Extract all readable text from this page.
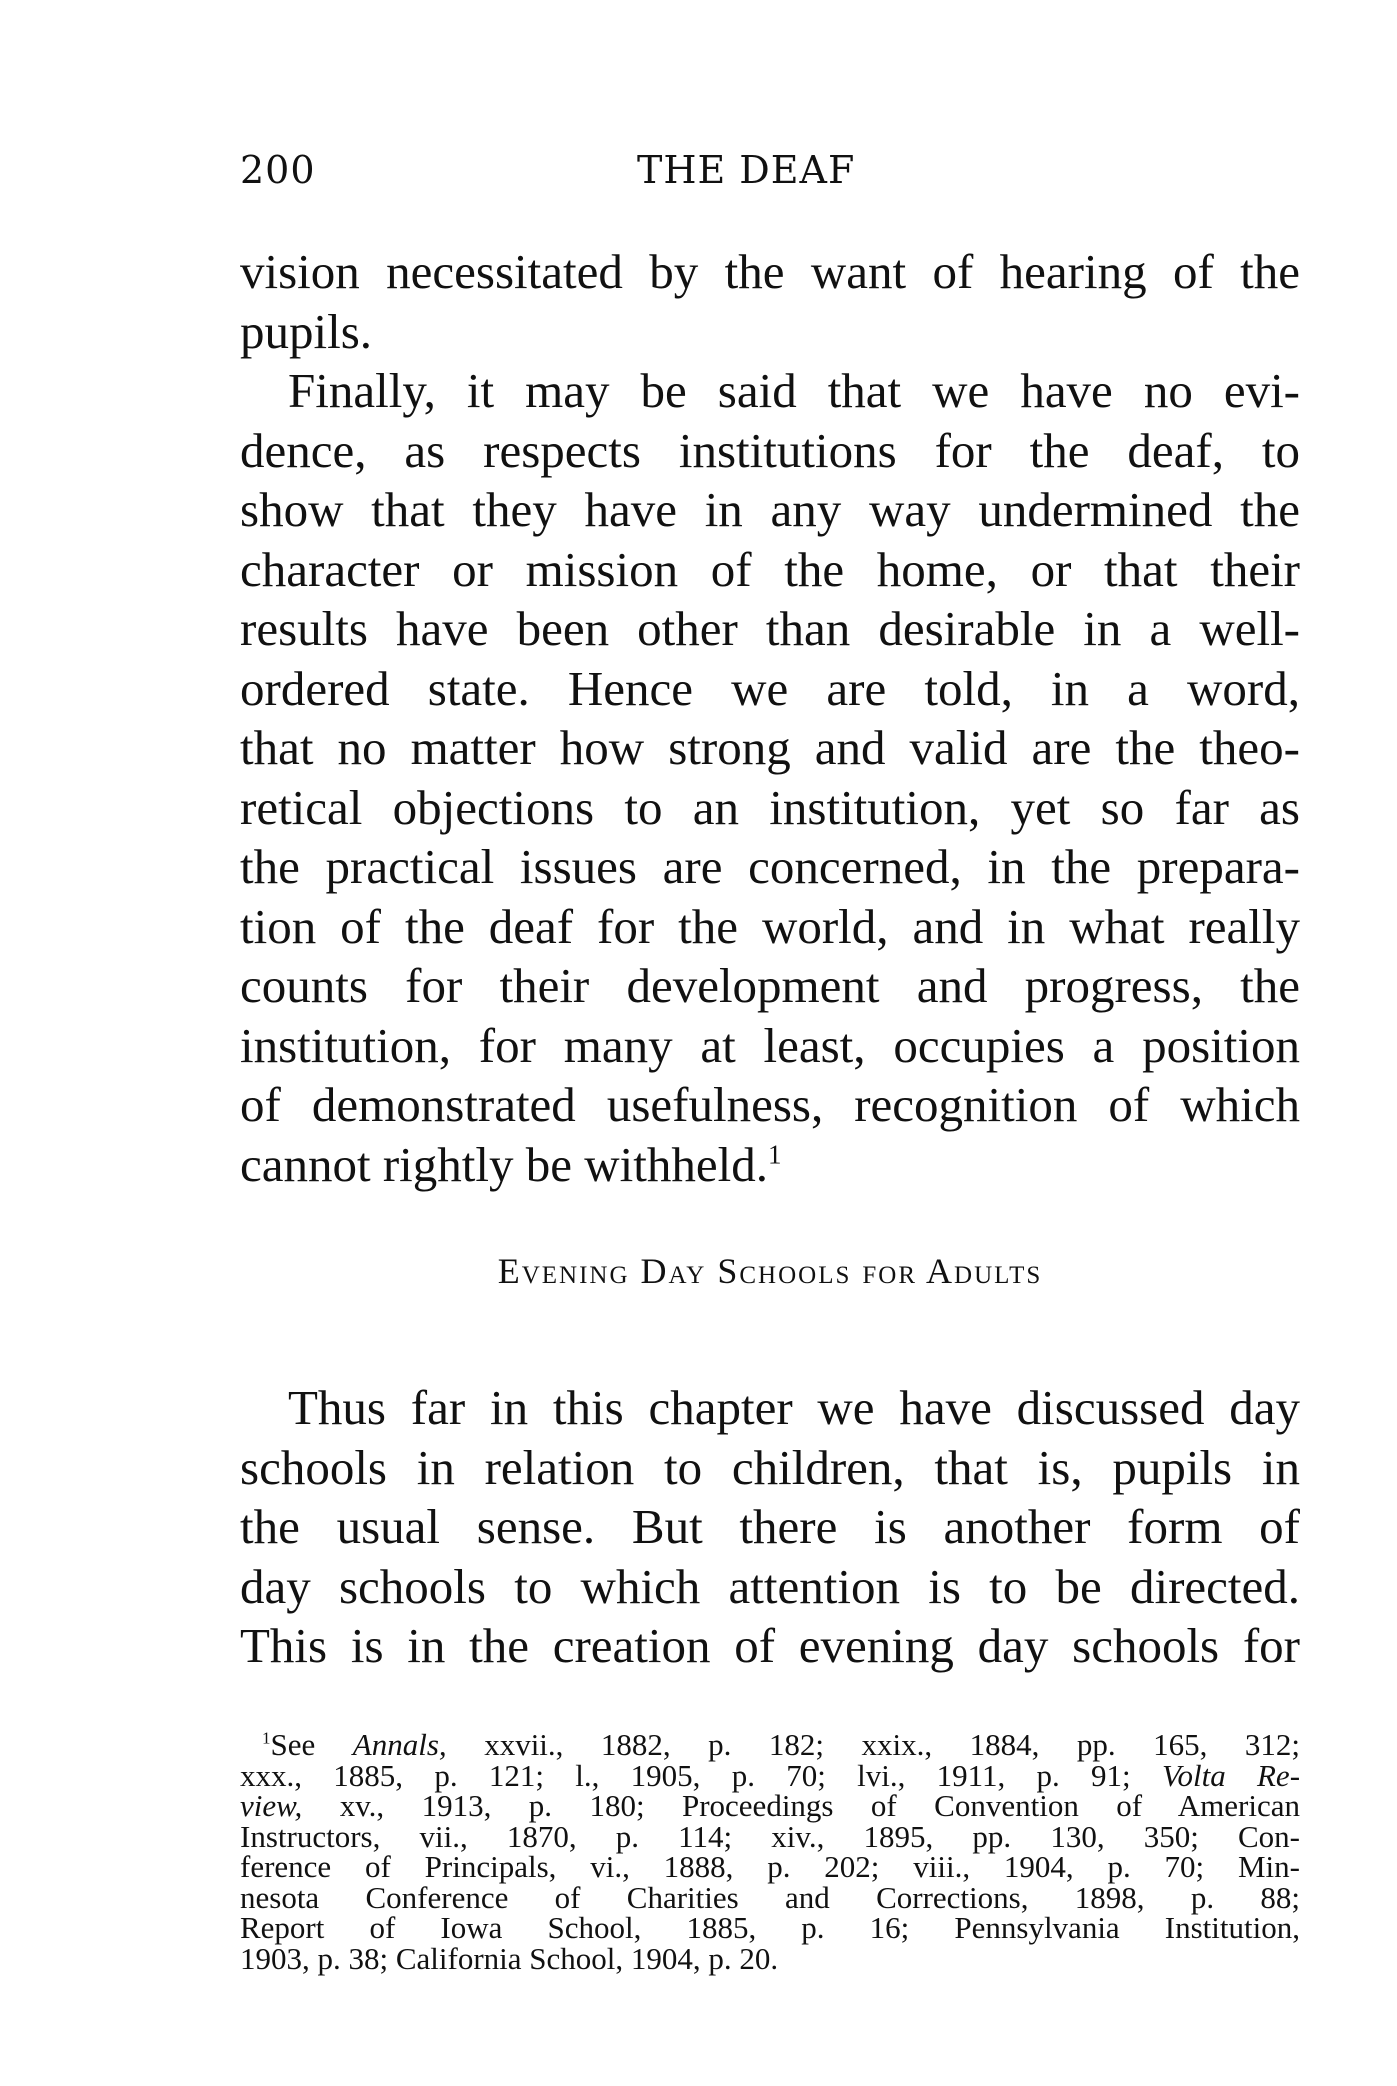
200	THE DEAF
vision necessitated by the want of hearing of the
pupils.
Finally, it may be said that we have no evi-
dence, as respects institutions for the deaf, to
show that they have in any way undermined the
character or mission of the home, or that their
results have been other than desirable in a well-
ordered state. Hence we are told, in a word,
that no matter how strong and valid are the theo-
retical objections to an institution, yet so far as
the practical issues are concerned, in the prepara-
tion of the deaf for the world, and in what really
counts for their development and progress, the
institution, for many at least, occupies a position
of demonstrated usefulness, recognition of which
cannot rightly be withheld.$^1$
Evening Day Schools for Adults
Thus far in this chapter we have discussed day
schools in relation to children, that is, pupils in
the usual sense. But there is another form of
day schools to which attention is to be directed.
This is in the creation of evening day schools for
$^1$See Annals, xxvii., 1882, p. 182; xxix., 1884, pp. 165, 312;
xxx., 1885, p. 121; l., 1905, p. 70; lvi., 1911, p. 91; Volta Re-
view, xv., 1913, p. 180; Proceedings of Convention of American
Instructors, vii., 1870, p. 114; xiv., 1895, pp. 130, 350; Con-
ference of Principals, vi., 1888, p. 202; viii., 1904, p. 70; Min-
nesota Conference of Charities and Corrections, 1898, p. 88;
Report of Iowa School, 1885, p. 16; Pennsylvania Institution,
1903, p. 38; California School, 1904, p. 20.
